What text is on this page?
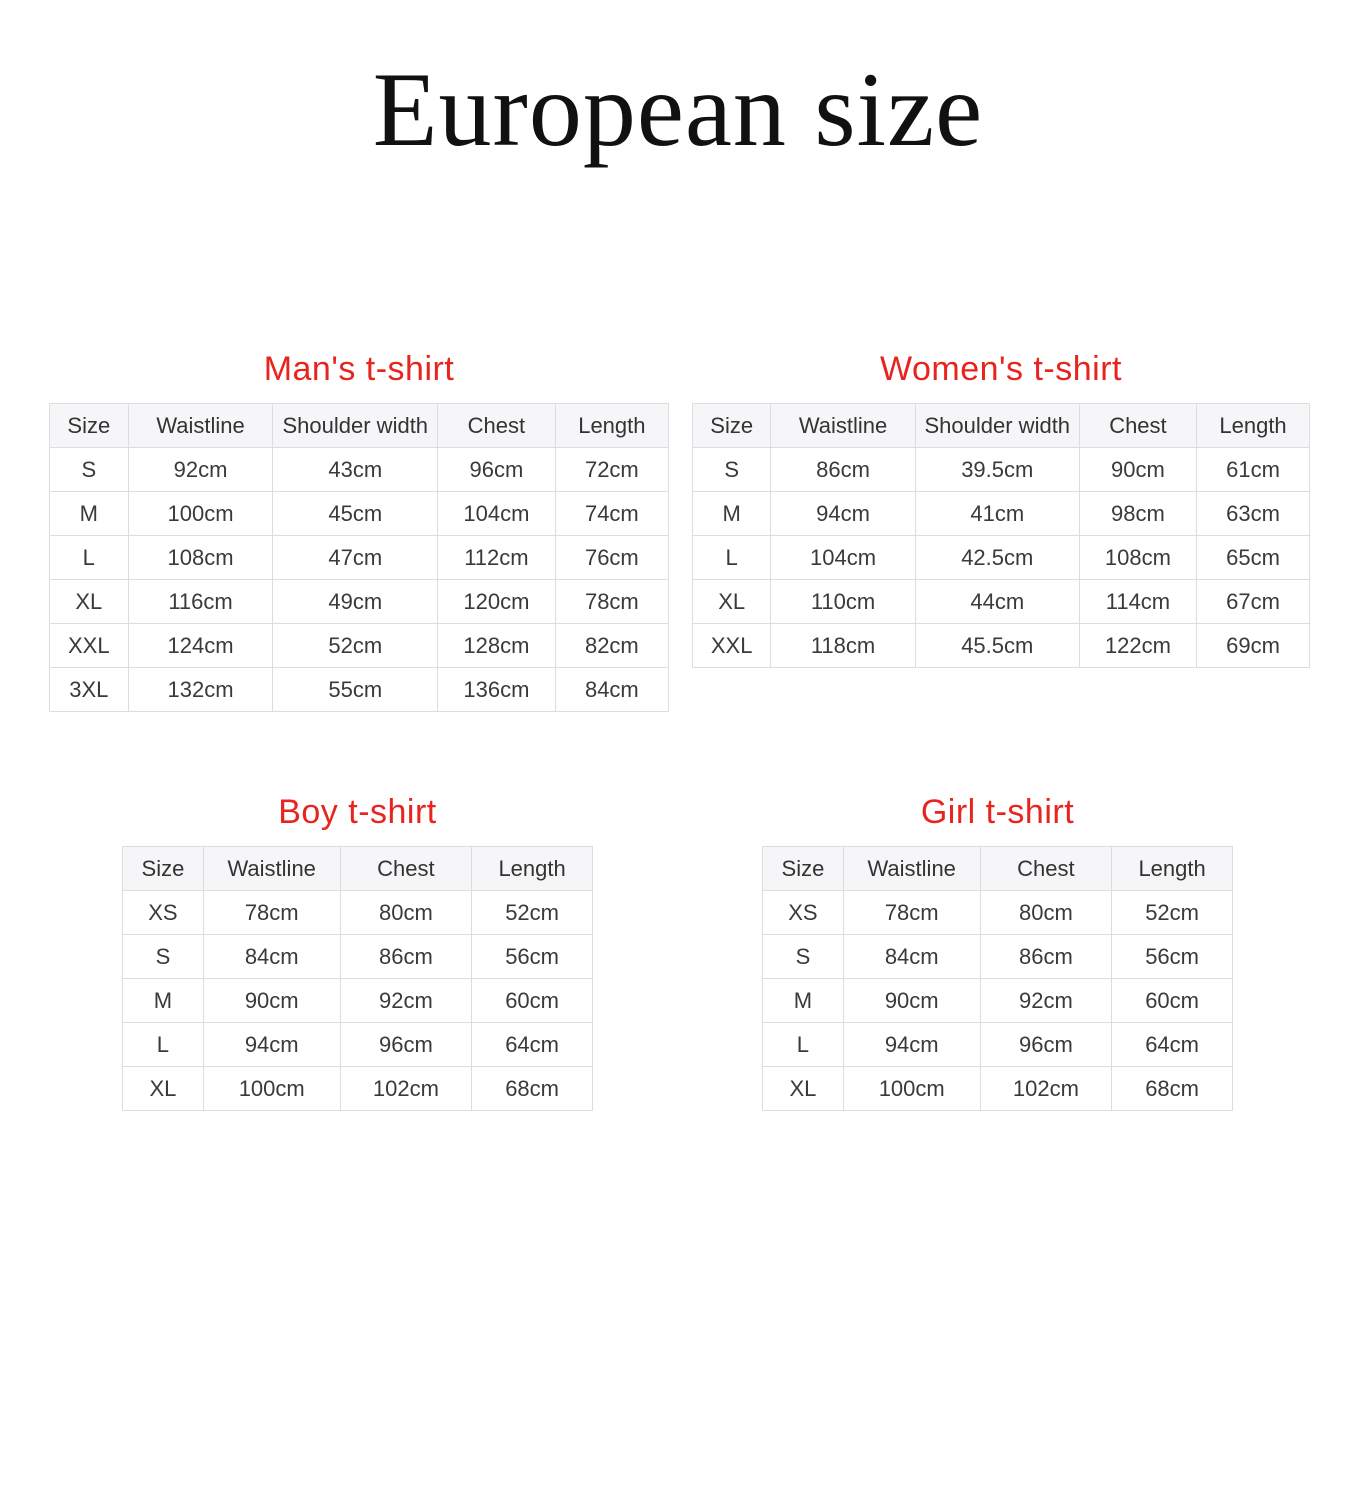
European size
Man's t-shirt
Size	Waistline	Shoulder width	Chest	Length
S	92cm	43cm	96cm	72cm
M	100cm	45cm	104cm	74cm
L	108cm	47cm	112cm	76cm
XL	116cm	49cm	120cm	78cm
XXL	124cm	52cm	128cm	82cm
3XL	132cm	55cm	136cm	84cm
Women's t-shirt
Size	Waistline	Shoulder width	Chest	Length
S	86cm	39.5cm	90cm	61cm
M	94cm	41cm	98cm	63cm
L	104cm	42.5cm	108cm	65cm
XL	110cm	44cm	114cm	67cm
XXL	118cm	45.5cm	122cm	69cm
Boy t-shirt
Size	Waistline	Chest	Length
XS	78cm	80cm	52cm
S	84cm	86cm	56cm
M	90cm	92cm	60cm
L	94cm	96cm	64cm
XL	100cm	102cm	68cm
Girl t-shirt
Size	Waistline	Chest	Length
XS	78cm	80cm	52cm
S	84cm	86cm	56cm
M	90cm	92cm	60cm
L	94cm	96cm	64cm
XL	100cm	102cm	68cm
